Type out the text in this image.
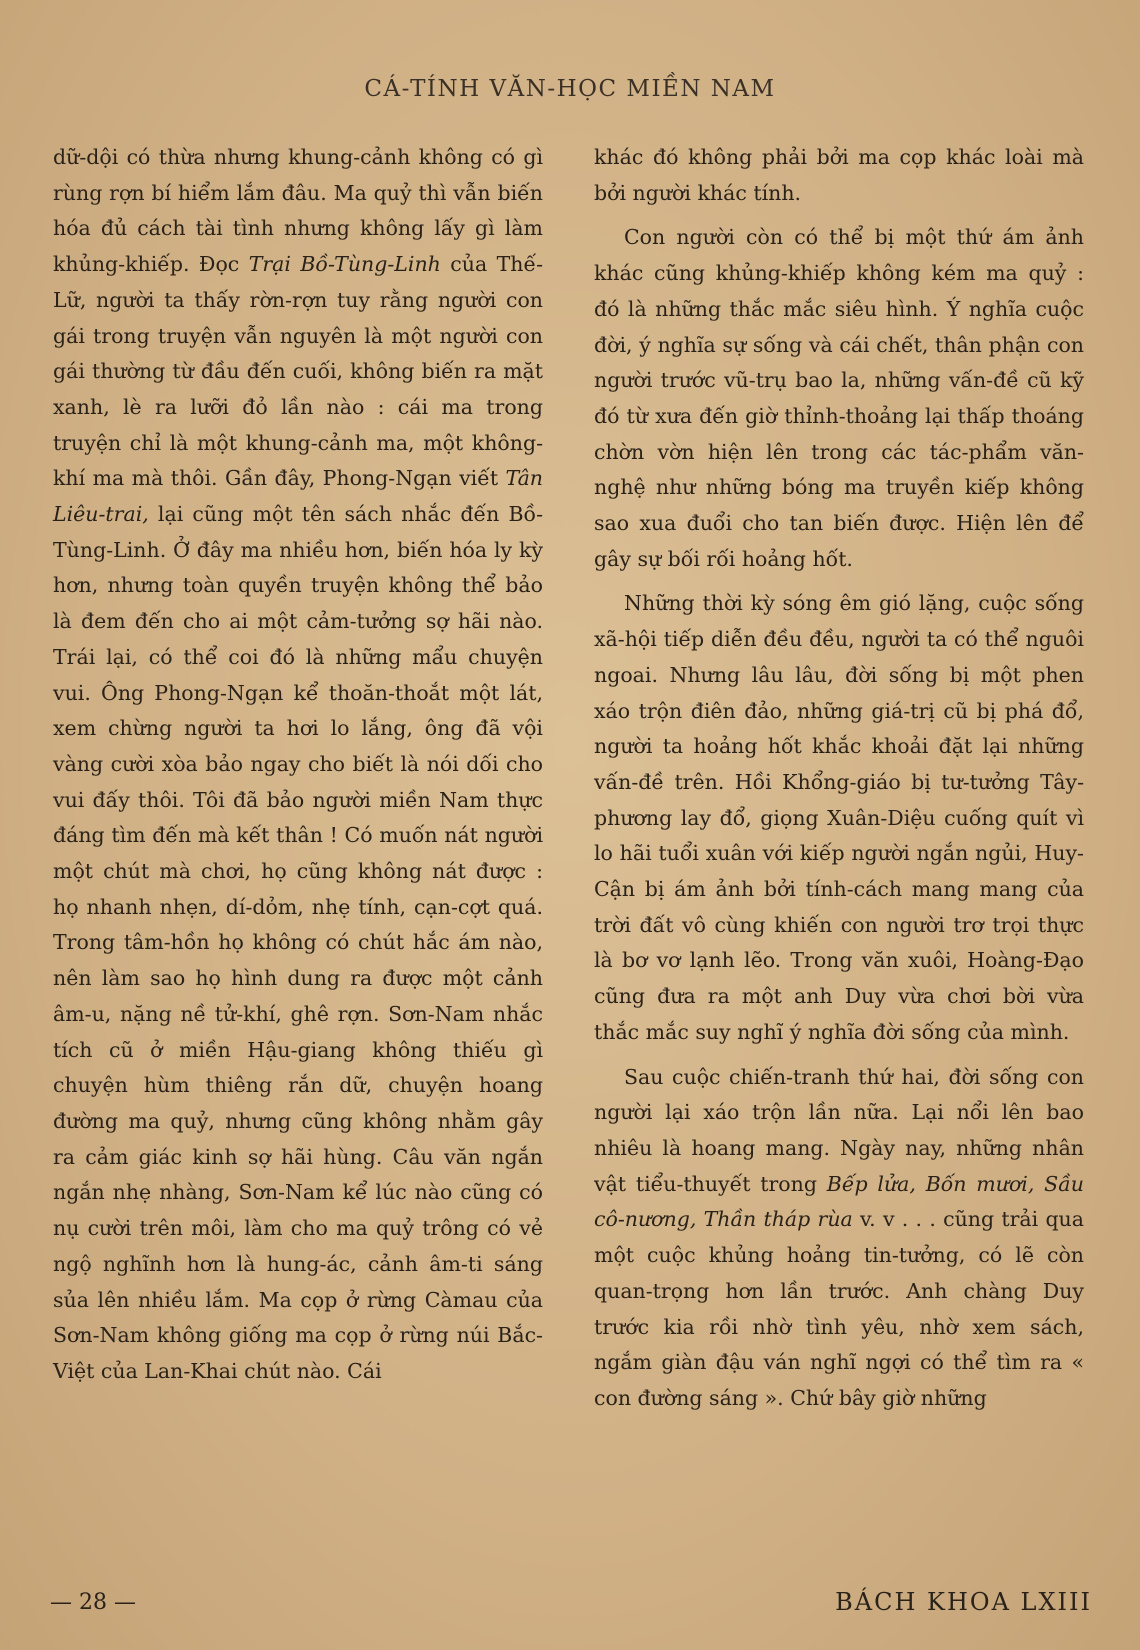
CÁ-TÍNH VĂN-HỌC MIỀN NAM

dữ-dội có thừa nhưng khung-cảnh không có gì rùng rợn bí hiểm lắm đâu. Ma quỷ thì vẫn biến hóa đủ cách tài tình nhưng không lấy gì làm khủng-khiếp. Đọc Trại Bồ-Tùng-Linh của Thế-Lữ, người ta thấy rờn-rợn tuy rằng người con gái trong truyện vẫn nguyên là một người con gái thường từ đầu đến cuối, không biến ra mặt xanh, lè ra lưỡi đỏ lần nào : cái ma trong truyện chỉ là một khung-cảnh ma, một không-khí ma mà thôi. Gần đây, Phong-Ngạn viết Tân Liêu-trai, lại cũng một tên sách nhắc đến Bồ-Tùng-Linh. Ở đây ma nhiều hơn, biến hóa ly kỳ hơn, nhưng toàn quyền truyện không thể bảo là đem đến cho ai một cảm-tưởng sợ hãi nào. Trái lại, có thể coi đó là những mẩu chuyện vui. Ông Phong-Ngạn kể thoăn-thoắt một lát, xem chừng người ta hơi lo lắng, ông đã vội vàng cười xòa bảo ngay cho biết là nói dối cho vui đấy thôi. Tôi đã bảo người miền Nam thực đáng tìm đến mà kết thân ! Có muốn nát người một chút mà chơi, họ cũng không nát được : họ nhanh nhẹn, dí-dỏm, nhẹ tính, cạn-cợt quá. Trong tâm-hồn họ không có chút hắc ám nào, nên làm sao họ hình dung ra được một cảnh âm-u, nặng nề tử-khí, ghê rợn. Sơn-Nam nhắc tích cũ ở miền Hậu-giang không thiếu gì chuyện hùm thiêng rắn dữ, chuyện hoang đường ma quỷ, nhưng cũng không nhằm gây ra cảm giác kinh sợ hãi hùng. Câu văn ngắn ngắn nhẹ nhàng, Sơn-Nam kể lúc nào cũng có nụ cười trên môi, làm cho ma quỷ trông có vẻ ngộ nghĩnh hơn là hung-ác, cảnh âm-ti sáng sủa lên nhiều lắm. Ma cọp ở rừng Càmau của Sơn-Nam không giống ma cọp ở rừng núi Bắc-Việt của Lan-Khai chút nào. Cái

khác đó không phải bởi ma cọp khác loài mà bởi người khác tính.

Con người còn có thể bị một thứ ám ảnh khác cũng khủng-khiếp không kém ma quỷ : đó là những thắc mắc siêu hình. Ý nghĩa cuộc đời, ý nghĩa sự sống và cái chết, thân phận con người trước vũ-trụ bao la, những vấn-đề cũ kỹ đó từ xưa đến giờ thỉnh-thoảng lại thấp thoáng chờn vờn hiện lên trong các tác-phẩm văn-nghệ như những bóng ma truyền kiếp không sao xua đuổi cho tan biến được. Hiện lên để gây sự bối rối hoảng hốt.

Những thời kỳ sóng êm gió lặng, cuộc sống xã-hội tiếp diễn đều đều, người ta có thể nguôi ngoai. Nhưng lâu lâu, đời sống bị một phen xáo trộn điên đảo, những giá-trị cũ bị phá đổ, người ta hoảng hốt khắc khoải đặt lại những vấn-đề trên. Hồi Khổng-giáo bị tư-tưởng Tây-phương lay đổ, giọng Xuân-Diệu cuống quít vì lo hãi tuổi xuân với kiếp người ngắn ngủi, Huy-Cận bị ám ảnh bởi tính-cách mang mang của trời đất vô cùng khiến con người trơ trọi thực là bơ vơ lạnh lẽo. Trong văn xuôi, Hoàng-Đạo cũng đưa ra một anh Duy vừa chơi bời vừa thắc mắc suy nghĩ ý nghĩa đời sống của mình.

Sau cuộc chiến-tranh thứ hai, đời sống con người lại xáo trộn lần nữa. Lại nổi lên bao nhiêu là hoang mang. Ngày nay, những nhân vật tiểu-thuyết trong Bếp lửa, Bốn mươi, Sầu cô-nương, Thần tháp rùa v. v . . . cũng trải qua một cuộc khủng hoảng tin-tưởng, có lẽ còn quan-trọng hơn lần trước. Anh chàng Duy trước kia rồi nhờ tình yêu, nhờ xem sách, ngắm giàn đậu ván nghĩ ngợi có thể tìm ra « con đường sáng ». Chứ bây giờ những

— 28 —	BÁCH KHOA LXIII
